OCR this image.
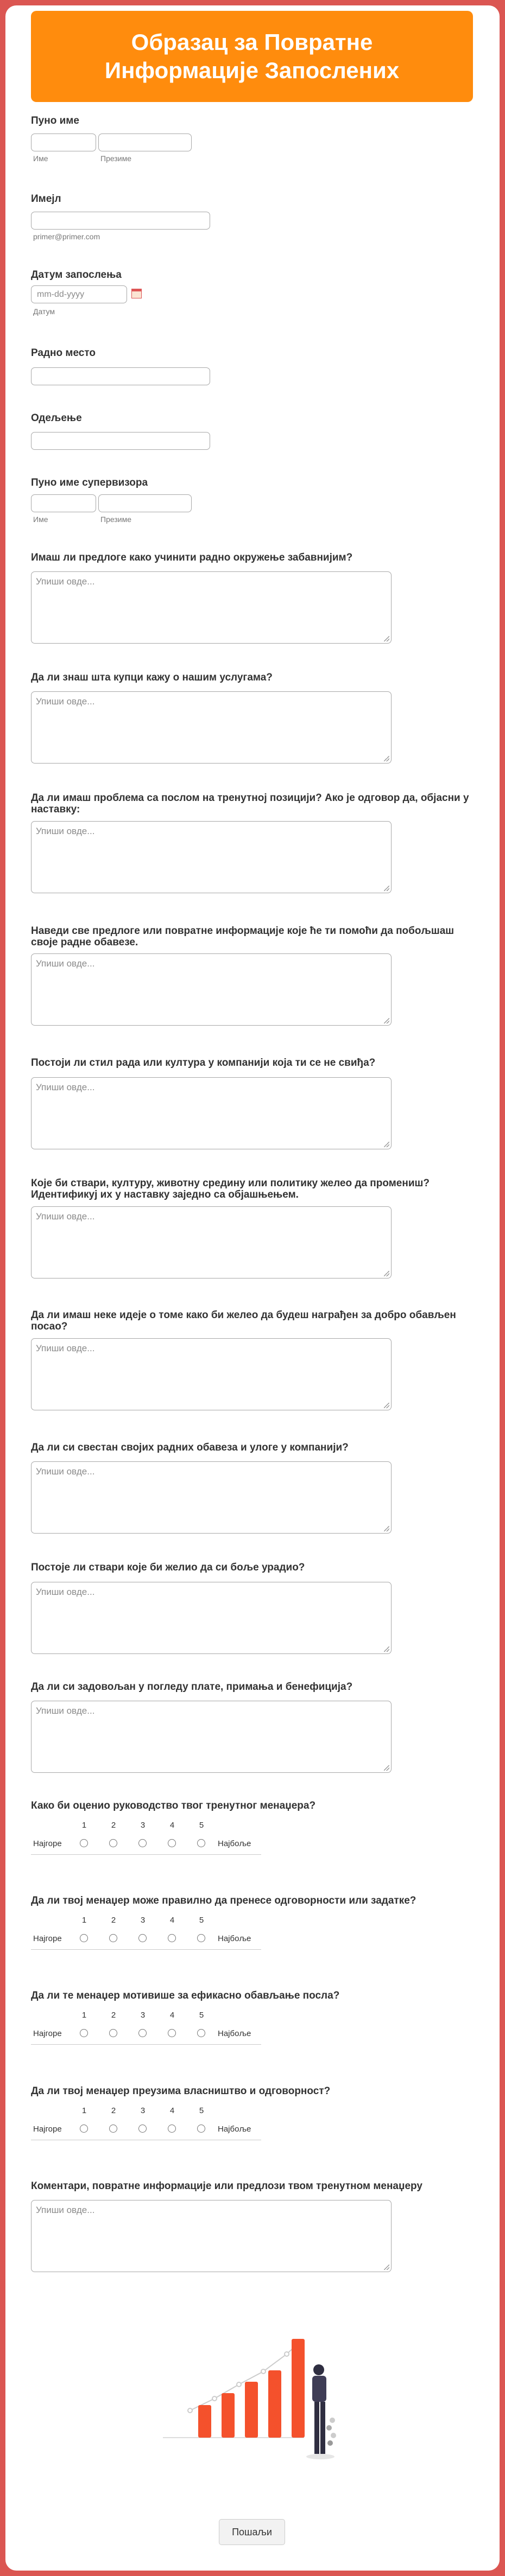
Образац за Повратне Информације Запослених
Пуно име
Име	Презиме
Имејл
primer@primer.com
Датум запослења
mm-dd-yyyy
Датум
Радно место
Одељење
Пуно име супервизора
Име	Презиме
Имаш ли предлоге како учинити радно окружење забавнијим?
Упиши овде...
Да ли знаш шта купци кажу о нашим услугама?
Упиши овде...
Да ли имаш проблема са послом на тренутној позицији? Ако је одговор да, објасни у наставку:
Упиши овде...
Наведи све предлоге или повратне информације које ће ти помоћи да побољшаш своје радне обавезе.
Упиши овде...
Постоји ли стил рада или култура у компанији која ти се не свиђа?
Упиши овде...
Које би ствари, културу, животну средину или политику желео да промениш? Идентификуј их у наставку заједно са објашњењем.
Упиши овде...
Да ли имаш неке идеје о томе како би желео да будеш награђен за добро обављен посао?
Упиши овде...
Да ли си свестан својих радних обавеза и улоге у компанији?
Упиши овде...
Постоје ли ствари које би желио да си боље урадио?
Упиши овде...
Да ли си задовољан у погледу плате, примања и бенефиција?
Упиши овде...
Како би оценио руководство твог тренутног менаџера?
1	2	3	4	5
Најгоре	Најбоље
Да ли твој менаџер може правилно да пренесе одговорности или задатке?
1	2	3	4	5
Најгоре	Најбоље
Да ли те менаџер мотивише за ефикасно обављање посла?
1	2	3	4	5
Најгоре	Најбоље
Да ли твој менаџер преузима власништво и одговорност?
1	2	3	4	5
Најгоре	Најбоље
Коментари, повратне информације или предлози твом тренутном менаџеру
Упиши овде...
Пошаљи
